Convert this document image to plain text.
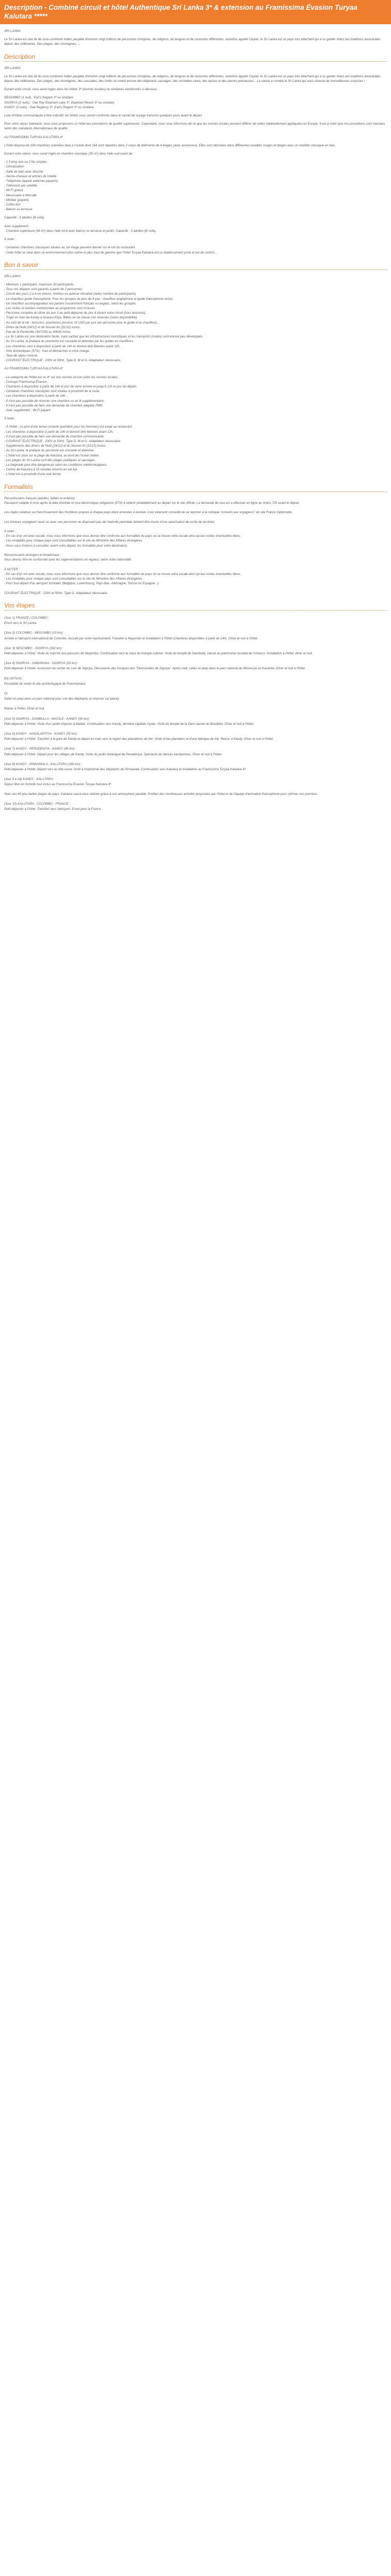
Description - Combiné circuit et hôtel Authentique Sri Lanka 3* & extension au Framissima Évasion Turyaa Kalutara *****

SRI LANKA

Le Sri Lanka est une île de sous-continent indien peuplée d'environ vingt millions de personnes d'origines, de religions, de langues et de coutumes différentes. Autrefois appelé Ceylan, le Sri Lanka est un pays très attachant qui a su garder intact ses traditions ancestrales depuis des millénaires. Des plages, des montagnes, ...

Description

SRI LANKA

Le Sri Lanka est une île du sous-continent indien peuplée d'environ vingt millions de personnes d'origines, de religions, de langues et de coutumes différentes. Autrefois appelé Ceylan, le Sri Lanka est un pays très attachant qui a su garder intact ses traditions ancestrales depuis des millénaires. Des plages, des montagnes, des cascades, des forêts où vivent encore des éléphants sauvages, des orchidées rares, des épices et des pierres précieuses... La nature a comblé le Sri Lanka qui vous réserve de merveilleuses surprises !

Durant votre circuit, vous serez logés dans les hôtels 3* (normes locales) ou similaires mentionnés ci-dessous :

NEGOMBO (1 nuit) : Earl's Regent 3* ou similaire
SIGIRIYA (2 nuits) : Oak Ray Elephant Lake 3*, Elephant Resort 3* ou similaire
KANDY (3 nuits) : Oak Regency 3*, Earl's Regent 3* ou similaire

Liste d'hôtels communiquée à titre indicatif, les hôtels vous seront confirmés dans le carnet de voyage transmis quelques jours avant le départ.

Pour votre séjour balnéaire, nous vous proposons un hôtel aux prestations de qualité supérieures. Cependant, nous vous informons de ce que les normes locales peuvent différer de celles habituellement appliquées en Europe. Il est à noter que nos prestations sont classées selon des standards internationaux de qualité.

AU FRAMISSIMA TURYAA KALUTARA 4*

L'hôtel dispose de 199 chambres orientées face à l'océan dont 164 sont réparties dans 2 corps de bâtiments de 4 étages (avec ascenseur). Elles sont décorées dans différentes tonalités rouges et beiges avec un mobilier classique en bois.

Durant votre séjour, vous serez logés en chambre classique (35 m²) dans l'aile sud-ouest de :

- 1,5 king size ou 2 lits simples
- Climatisation
- Salle de bain avec douche
- Sèche-cheveux et articles de toilette
- Téléphone (appels externes payants)
- Télévision par satellite
- Wi-Fi gratuit
- Nécessaire à thé/café
- Minibar (payant)
- Coffre-fort
- Balcon ou terrasse

Capacité : 3 adultes (lit sofa).

Avec supplément :
- Chambre supérieure (36 m²) dans l'aile nord avec balcon ou terrasse et jardin. Capacité : 3 adultes (lit sofa).

À noter :

- Certaines chambres classiques situées au 1er étage peuvent donner sur le toit du restaurant.
- Cette hôtel se situe dans un environnement plus calme et plus haut de gamme que l'hôtel Turyaa Kalutara est un établissement prisé et est de confort...

Bon à savoir

SRI LANKA

- Minimum 1 participant, maximum 30 participants.
- Tous nos départs sont garantis à partir de 2 personnes.
- Circuit des jours 2 à 6 en voiture, minibus ou autocar climatisé (selon nombre de participants).
- Le chauffeur-guide francophone. Pour les groupes de plus de 9 pax : chauffeur anglophone et guide francophone inclus.
- Un chauffeur accompagnateur est parlant couramment français ou anglais, selon les groupes.
- Les visites et entrées mentionnées au programme sont incluses.
- Personne complète du dîner du jour 2 au petit-déjeuner du jour 8 durant votre circuit (hors boissons).
- Trajet en train de Kandy à Nuwara Eliya. Billets en 2e classe non réservés (selon disponibilité).
- Au coût de la vie : boissons, pourboires (environ 10 USD par jour par personne pour le guide et le chauffeur)...
- Dînes de Noël (24/12) et de Nouvel An (31/12) inclus.
- Pas de la Pentecôte (30/7/25) au 8/8/26 inclus.
- Le Sri Lanka est une destination facile, mais sachez que les infrastructures touristiques et les transports (routes) sont encore peu développés.
- Au Sri Lanka, la pratique du pourboire est courante et attendue par les guides et chauffeurs.
- Les chambres sont à disposition à partir de 14h et doivent être libérées avant 12h.
- Vols domestiques (ETA) : frais et démarches à votre charge.
- Taxe de séjour incluse.
- COURANT ÉLECTRIQUE : 230V et 50Hz. Type D, M et G. Adaptateur nécessaire.

AU FRAMISSIMA TURYAA KALUTARA 4*

- La catégorie de l'hôtel est un 4* sur nos normes et non selon les normes locales.
- Concept Framissima Évasion.
- Chambres à disposition à partir de 14h le jour de votre arrivée et jusqu'à 12h le jour du départ.
- Certaines chambres classiques sont situées à proximité de la route.
- Les chambres à disposition à partir de 14h...
- Il n'est pas possible de réserver une chambre ou un lit supplémentaire.
- Il n'est pas possible de faire une demande de chambre adaptée PMR.
- Avec supplément : Wi-Fi payant.

À noter :

- À l'hôtel : Le port d'une tenue correcte (pantalon pour les hommes) est exigé au restaurant.
- Les chambres à disposition à partir de 14h et doivent être libérées avant 12h.
- Il n'est pas possible de faire une demande de chambre communicante.
- COURANT ÉLECTRIQUE : 230V et 50Hz. Type D, M et G. Adaptateur nécessaire.
- Suppléments des dîners de Noël (24/12) et du Nouvel An (31/12) inclus.
- Au Sri Lanka, la pratique du pourboire est courante et attendue.
- L'hôtel est situé sur la plage de Kalutara, au bord de l'océan Indien.
- Les plages du Sri Lanka sont des plages publiques et sauvages.
- La baignade peut être dangereuse selon les conditions météorologiques.
- Centre de Kalutara à 15 minutes environ en tuk-tuk.
- L'hôtel est à proximité d'une voie ferrée.

Formalités

Ressortissants français (adultes, bébés et enfants) :
Passeport valable 6 mois après la date d'entrée et visa électronique obligatoire (ETA) à obtenir préalablement au départ sur le site officiel. La demande de visa est à effectuer en ligne au moins 72h avant le départ.

Les règles relatives au franchissement des frontières propres à chaque pays étant amenées à évoluer, il est vivement conseillé de se reporter à la rubrique "conseils aux voyageurs" du site France Diplomatie.

Les mineurs voyageant seuls ou avec une personne ne disposant pas de l'autorité parentale doivent être munis d'une autorisation de sortie de territoire.

À noter :
- En cas d'un vol avec escale, nous vous informons que vous devrez être conforme aux formalités du pays où se trouve votre escale ainsi qu'aux visites éventuelles libres.
- Les modalités pour chaque pays sont consultables sur le site du Ministère des Affaires étrangères.
- Nous vous invitons à consulter, avant votre départ, les formalités pour votre destination.

Ressortissants étrangers et binationaux :
Vous devrez être en conformité avec les réglementations en vigueur, selon votre nationalité.

À NOTER :
- En cas d'un vol avec escale, nous vous informons que vous devrez être conforme aux formalités du pays où se trouve votre escale ainsi qu'aux visites éventuelles libres.
- Les modalités pour chaque pays sont consultables sur le site du Ministère des Affaires étrangères.
- Pour tout départ d'un aéroport frontalier (Belgique, Luxembourg, Pays-Bas, Allemagne, Suisse ou Espagne...).

COURANT ÉLECTRIQUE : 230V et 50Hz. Type G. Adaptateur nécessaire.

Vos étapes

(Jour 1) FRANCE / COLOMBO :

Envol vers le Sri Lanka.

(Jour 2) COLOMBO - NEGOMBO (15 km) :

Arrivée à l'aéroport international de Colombo. Accueil par notre représentant. Transfert à Negombo et installation à l'hôtel (chambres disponibles à partir de 14h). Dîner et nuit à l'hôtel.

(Jour 3) NEGOMBO - SIGIRIYA (160 km) :

Petit-déjeuner à l'hôtel. Visite du marché aux poissons de Negombo. Continuation vers le cœur du triangle culturel. Visite du temple de Dambulla, classé au patrimoine mondial de l'Unesco. Installation à l'hôtel, dîner et nuit.

(Jour 4) SIGIRIYA - HABARANA - SIGIRIYA (50 km) :

Petit-déjeuner à l'hôtel. Ascension du rocher du Lion de Sigiriya. Découverte des fresques des "Demoiselles de Sigiriya". Après-midi, safari en jeep dans le parc national de Minneriya ou Kaudulla. Dîner et nuit à l'hôtel.

EN OPTION :

Possibilité de visiter le site archéologique de Polonnaruwa.

Or

Safari en jeep dans un parc national pour voir des éléphants (à réserver sur place).

Retour à l'hôtel. Dîner et nuit.

(Jour 5) SIGIRIYA - DAMBULLA - MATALE - KANDY (95 km) :

Petit-déjeuner à l'hôtel. Visite d'un jardin d'épices à Matale. Continuation vers Kandy, dernière capitale royale. Visite du temple de la Dent sacrée du Bouddha. Dîner et nuit à l'hôtel.

(Jour 6) KANDY - HANALAPITIYA - KANDY (55 km) :

Petit-déjeuner à l'hôtel. Transfert à la gare de Kandy et départ en train vers la région des plantations de thé. Visite d'une plantation et d'une fabrique de thé. Retour à Kandy. Dîner et nuit à l'hôtel.

(Jour 7) KANDY - PERADENIYA - KANDY (45 km) :

Petit-déjeuner à l'hôtel. Départ pour les villages de Kandy. Visite du jardin botanique de Peradeniya. Spectacle de danses kandyennes. Dîner et nuit à l'hôtel.

(Jour 8) KANDY - PINNAWALA - KALUTARA (180 km) :

Petit-déjeuner à l'hôtel. Départ vers la côte ouest. Arrêt à l'orphelinat des éléphants de Pinnawala. Continuation vers Kalutara et installation au Framissima Turyaa Kalutara 4*.

(Jour 9 à 14) KANDY - KALUTARA :

Séjour libre en formule tout inclus au Framissima Évasion Turyaa Kalutara 4*.

Avec ses 40 plus belles plages du pays, Kalutara saura vous séduire grâce à son atmosphère paisible. Profitez des nombreuses activités proposées par l'hôtel et de l'équipe d'animation francophone pour rythmer vos journées.

(Jour 15) KALUTARA - COLOMBO - FRANCE :

Petit-déjeuner à l'hôtel. Transfert vers l'aéroport. Envol pour la France.
